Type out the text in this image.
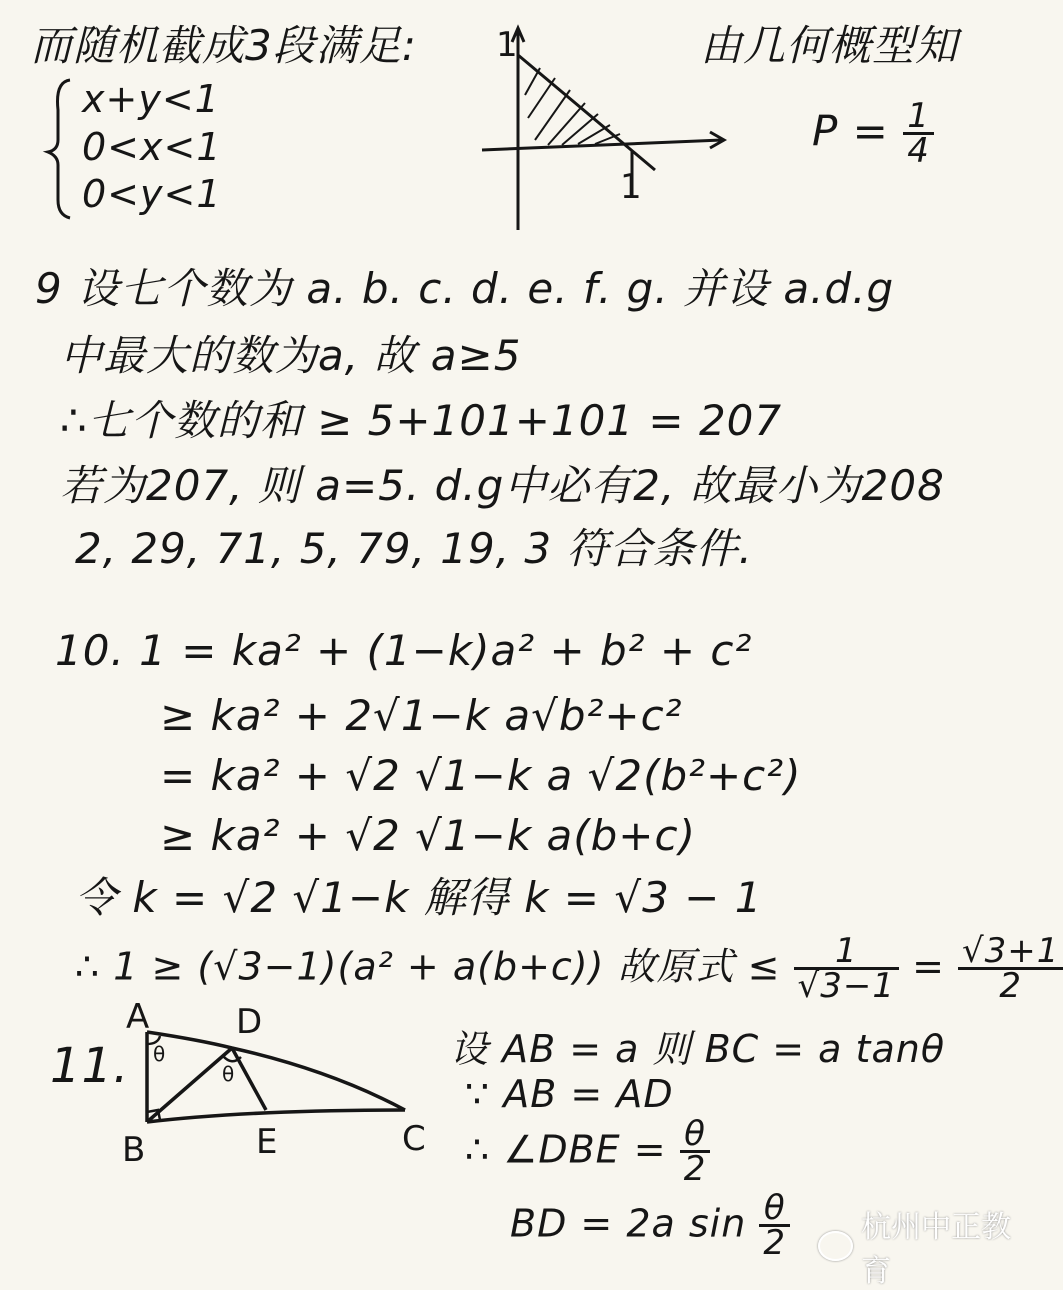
而随机截成3段满足:
x+y<1
0<x<1
0<y<1
1
1
由几何概型知
$P = \frac{1}{4}$
9 设七个数为 a. b. c. d. e. f. g. 并设 a.d.g
中最大的数为a, 故 a≥5
∴七个数的和 ≥ 5+101+101 = 207
若为207, 则 a=5. d.g中必有2, 故最小为208
2, 29, 71, 5, 79, 19, 3 符合条件.
10. 1 = ka² + (1−k)a² + b² + c²
≥ ka² + 2√1−k a√b²+c²
= ka² + √2 √1−k a √2(b²+c²)
≥ ka² + √2 √1−k a(b+c)
令 k = √2 √1−k 解得 k = √3 − 1
∴ 1 ≥ (√3−1)(a² + a(b+c)) 故原式 ≤ $\frac{1}{√3-1} = \frac{√3+1}{2}$
11.
A	D
B	E	C
θ
θ
设 AB = a 则 BC = a tanθ
∵ AB = AD
∴ ∠DBE = $\frac{\theta}{2}$
BD = 2a $\sin \frac{\theta}{2}$ 杭州中正教育
